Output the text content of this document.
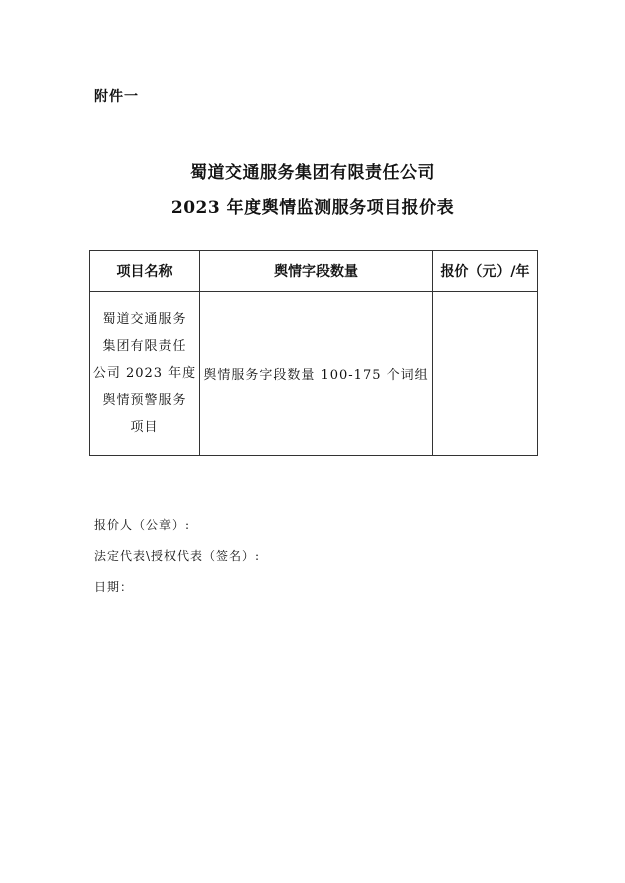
附件一
蜀道交通服务集团有限责任公司
2023 年度舆情监测服务项目报价表
项目名称	舆情字段数量	报价（元）/年

蜀道交通服务
集团有限责任
公司 2023 年度
舆情预警服务
项目	舆情服务字段数量 100-175 个词组	
报价人（公章）:
法定代表\授权代表（签名）:
日期：
